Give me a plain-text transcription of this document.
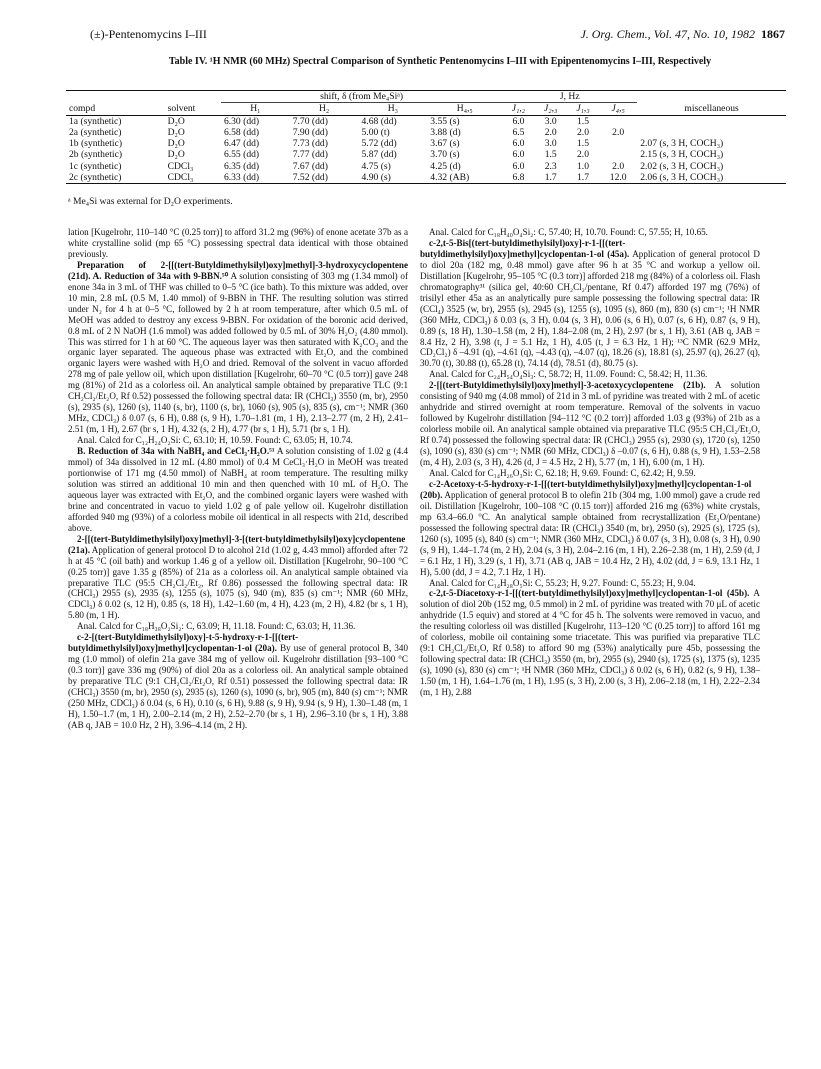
(±)-Pentenomycins I–III	J. Org. Chem., Vol. 47, No. 10, 1982 1867
Table IV. ¹H NMR (60 MHz) Spectral Comparison of Synthetic Pentenomycins I–III with Epipentenomycins I–III, Respectively
		shift, δ (from Me₄Siᵃ)				J, Hz				
compd	solvent	H₁	H₂	H₃	H₄,₅	J₁,₂	J₂,₃	J₁,₃	J₄,₅	miscellaneous
1a (synthetic)	D₂O	6.30 (dd)	7.70 (dd)	4.68 (dd)	3.55 (s)	6.0	3.0	1.5		
2a (synthetic)	D₂O	6.58 (dd)	7.90 (dd)	5.00 (t)	3.88 (d)	6.5	2.0	2.0	2.0	
1b (synthetic)	D₂O	6.47 (dd)	7.73 (dd)	5.72 (dd)	3.67 (s)	6.0	3.0	1.5		2.07 (s, 3 H, COCH₃)
2b (synthetic)	D₂O	6.55 (dd)	7.77 (dd)	5.87 (dd)	3.70 (s)	6.0	1.5	2.0		2.15 (s, 3 H, COCH₃)
1c (synthetic)	CDCl₃	6.35 (dd)	7.67 (dd)	4.75 (s)	4.25 (d)	6.0	2.3	1.0	2.0	2.02 (s, 3 H, COCH₃)
2c (synthetic)	CDCl₃	6.33 (dd)	7.52 (dd)	4.90 (s)	4.32 (AB)	6.8	1.7	1.7	12.0	2.06 (s, 3 H, COCH₃)
ᵃ Me₄Si was external for D₂O experiments.

lation [Kugelrohr, 110–140 °C (0.25 torr)] to afford 31.2 mg (96%) of enone acetate 37b as a white crystalline solid (mp 65 °C) possessing spectral data identical with those obtained previously.

Preparation of 2-[[(tert-Butyldimethylsilyl)oxy]methyl]-3-hydroxycyclopentene (21d). A. Reduction of 34a with 9-BBN.⁵⁰ A solution consisting of 303 mg (1.34 mmol) of enone 34a in 3 mL of THF was chilled to 0–5 °C (ice bath). To this mixture was added, over 10 min, 2.8 mL (0.5 M, 1.40 mmol) of 9-BBN in THF. The resulting solution was stirred under N₂ for 4 h at 0–5 °C, followed by 2 h at room temperature, after which 0.5 mL of MeOH was added to destroy any excess 9-BBN. For oxidation of the boronic acid derived, 0.8 mL of 2 N NaOH (1.6 mmol) was added followed by 0.5 mL of 30% H₂O₂ (4.80 mmol). This was stirred for 1 h at 60 °C. The aqueous layer was then saturated with K₂CO₃ and the organic layer separated. The aqueous phase was extracted with Et₂O, and the combined organic layers were washed with H₂O and dried. Removal of the solvent in vacuo afforded 278 mg of pale yellow oil, which upon distillation [Kugelrohr, 60–70 °C (0.5 torr)] gave 248 mg (81%) of 21d as a colorless oil. An analytical sample obtained by preparative TLC (9:1 CH₂Cl₂/Et₂O, Rf 0.52) possessed the following spectral data: IR (CHCl₃) 3550 (m, br), 2950 (s), 2935 (s), 1260 (s), 1140 (s, br), 1100 (s, br), 1060 (s), 905 (s), 835 (s), cm⁻¹; NMR (360 MHz, CDCl₃) δ 0.07 (s, 6 H), 0.88 (s, 9 H), 1.70–1.81 (m, 1 H), 2.13–2.77 (m, 2 H), 2.41–2.51 (m, 1 H), 2.67 (br s, 1 H), 4.32 (s, 2 H), 4.77 (br s, 1 H), 5.71 (br s, 1 H).

Anal. Calcd for C₁₂H₂₄O₂Si: C, 63.10; H, 10.59. Found: C, 63.05; H, 10.74.

B. Reduction of 34a with NaBH₄ and CeCl₃·H₂O.⁵¹ A solution consisting of 1.02 g (4.4 mmol) of 34a dissolved in 12 mL (4.80 mmol) of 0.4 M CeCl₃·H₂O in MeOH was treated portionwise of 171 mg (4.50 mmol) of NaBH₄ at room temperature. The resulting milky solution was stirred an additional 10 min and then quenched with 10 mL of H₂O. The aqueous layer was extracted with Et₂O, and the combined organic layers were washed with brine and concentrated in vacuo to yield 1.02 g of pale yellow oil. Kugelrohr distillation afforded 940 mg (93%) of a colorless mobile oil identical in all respects with 21d, described above.

2-[[(tert-Butyldimethylsilyl)oxy]methyl]-3-[(tert-butyldimethylsilyl)oxy]cyclopentene (21a). Application of general protocol D to alcohol 21d (1.02 g, 4.43 mmol) afforded after 72 h at 45 °C (oil bath) and workup 1.46 g of a yellow oil. Distillation [Kugelrohr, 90–100 °C (0.25 torr)] gave 1.35 g (85%) of 21a as a colorless oil. An analytical sample obtained via preparative TLC (95:5 CH₂Cl₂/Et₂, Rf 0.86) possessed the following spectral data: IR (CHCl₃) 2955 (s), 2935 (s), 1255 (s), 1075 (s), 940 (m), 835 (s) cm⁻¹; NMR (60 MHz, CDCl₃) δ 0.02 (s, 12 H), 0.85 (s, 18 H), 1.42–1.60 (m, 4 H), 4.23 (m, 2 H), 4.82 (br s, 1 H), 5.80 (m, 1 H).

Anal. Calcd for C₁₈H₃₈O₂Si₂: C, 63.09; H, 11.18. Found: C, 63.03; H, 11.36.

c-2-[(tert-Butyldimethylsilyl)oxy]-t-5-hydroxy-r-1-[[(tert-butyldimethylsilyl)oxy]methyl]cyclopentan-1-ol (20a). By use of general protocol B, 340 mg (1.0 mmol) of olefin 21a gave 384 mg of yellow oil. Kugelrohr distillation [93–100 °C (0.3 torr)] gave 336 mg (90%) of diol 20a as a colorless oil. An analytical sample obtained by preparative TLC (9:1 CH₂Cl₂/Et₂O, Rf 0.51) possessed the following spectral data: IR (CHCl₃) 3550 (m, br), 2950 (s), 2935 (s), 1260 (s), 1090 (s, br), 905 (m), 840 (s) cm⁻¹; NMR (250 MHz, CDCl₃) δ 0.04 (s, 6 H), 0.10 (s, 6 H), 9.88 (s, 9 H), 9.94 (s, 9 H), 1.30–1.48 (m, 1 H), 1.50–1.7 (m, 1 H), 2.00–2.14 (m, 2 H), 2.52–2.70 (br s, 1 H), 2.96–3.10 (br s, 1 H), 3.88 (AB q, JAB = 10.0 Hz, 2 H), 3.96–4.14 (m, 2 H).

Anal. Calcd for C₁₈H₄₀O₄Si₂: C, 57.40; H, 10.70. Found: C, 57.55; H, 10.65.

c-2,t-5-Bis[(tert-butyldimethylsilyl)oxy]-r-1-[[(tert-butyldimethylsilyl)oxy]methyl]cyclopentan-1-ol (45a). Application of general protocol D to diol 20a (182 mg, 0.48 mmol) gave after 96 h at 35 °C and workup a yellow oil. Distillation [Kugelrohr, 95–105 °C (0.3 torr)] afforded 218 mg (84%) of a colorless oil. Flash chromatography³¹ (silica gel, 40:60 CH₂Cl₂/pentane, Rf 0.47) afforded 197 mg (76%) of trisilyl ether 45a as an analytically pure sample possessing the following spectral data: IR (CCl₄) 3525 (w, br), 2955 (s), 2945 (s), 1255 (s), 1095 (s), 860 (m), 830 (s) cm⁻¹; ¹H NMR (360 MHz, CDCl₃) δ 0.03 (s, 3 H), 0.04 (s, 3 H), 0.06 (s, 6 H), 0.07 (s, 6 H), 0.87 (s, 9 H), 0.89 (s, 18 H), 1.30–1.58 (m, 2 H), 1.84–2.08 (m, 2 H), 2.97 (br s, 1 H), 3.61 (AB q, JAB = 8.4 Hz, 2 H), 3.98 (t, J = 5.1 Hz, 1 H), 4.05 (t, J = 6.3 Hz, 1 H); ¹³C NMR (62.9 MHz, CD₂Cl₂) δ –4.91 (q), –4.61 (q), –4.43 (q), –4.07 (q), 18.26 (s), 18.81 (s), 25.97 (q), 26.27 (q), 30.70 (t), 30.88 (t), 65.28 (t), 74.14 (d), 78.51 (d), 80.75 (s).

Anal. Calcd for C₂₄H₅₄O₄Si₃: C, 58.72; H, 11.09. Found: C, 58.42; H, 11.36.

2-[[(tert-Butyldimethylsilyl)oxy]methyl]-3-acetoxycyclopentene (21b). A solution consisting of 940 mg (4.08 mmol) of 21d in 3 mL of pyridine was treated with 2 mL of acetic anhydride and stirred overnight at room temperature. Removal of the solvents in vacuo followed by Kugelrohr distillation [94–112 °C (0.2 torr)] afforded 1.03 g (93%) of 21b as a colorless mobile oil. An analytical sample obtained via preparative TLC (95:5 CH₂Cl₂/Et₂O, Rf 0.74) possessed the following spectral data: IR (CHCl₃) 2955 (s), 2930 (s), 1720 (s), 1250 (s), 1090 (s), 830 (s) cm⁻¹; NMR (60 MHz, CDCl₃) δ –0.07 (s, 6 H), 0.88 (s, 9 H), 1.53–2.58 (m, 4 H), 2.03 (s, 3 H), 4.26 (d, J = 4.5 Hz, 2 H), 5.77 (m, 1 H), 6.00 (m, 1 H).

Anal. Calcd for C₁₄H₂₆O₃Si: C, 62.18; H, 9.69. Found: C, 62.42; H, 9.59.

c-2-Acetoxy-t-5-hydroxy-r-1-[[(tert-butyldimethylsilyl)oxy]methyl]cyclopentan-1-ol (20b). Application of general protocol B to olefin 21b (304 mg, 1.00 mmol) gave a crude red oil. Distillation [Kugelrohr, 100–108 °C (0.15 torr)] afforded 216 mg (63%) white crystals, mp 63.4–66.0 °C. An analytical sample obtained from recrystallization (Et₂O/pentane) possessed the following spectral data: IR (CHCl₃) 3540 (m, br), 2950 (s), 2925 (s), 1725 (s), 1260 (s), 1095 (s), 840 (s) cm⁻¹; NMR (360 MHz, CDCl₃) δ 0.07 (s, 3 H), 0.08 (s, 3 H), 0.90 (s, 9 H), 1.44–1.74 (m, 2 H), 2.04 (s, 3 H), 2.04–2.16 (m, 1 H), 2.26–2.38 (m, 1 H), 2.59 (d, J = 6.1 Hz, 1 H), 3.29 (s, 1 H), 3.71 (AB q, JAB = 10.4 Hz, 2 H), 4.02 (dd, J = 6.9, 13.1 Hz, 1 H), 5.00 (dd, J = 4.2, 7.1 Hz, 1 H).

Anal. Calcd for C₁₄H₂₈O₅Si: C, 55.23; H, 9.27. Found: C, 55.23; H, 9.04.

c-2,t-5-Diacetoxy-r-1-[[(tert-butyldimethylsilyl)oxy]methyl]cyclopentan-1-ol (45b). A solution of diol 20b (152 mg, 0.5 mmol) in 2 mL of pyridine was treated with 70 μL of acetic anhydride (1.5 equiv) and stored at 4 °C for 45 h. The solvents were removed in vacuo, and the resulting colorless oil was distilled [Kugelrohr, 113–120 °C (0.25 torr)] to afford 161 mg of colorless, mobile oil containing some triacetate. This was purified via preparative TLC (9:1 CH₂Cl₂/Et₂O, Rf 0.58) to afford 90 mg (53%) analytically pure 45b, possessing the following spectral data: IR (CHCl₃) 3550 (m, br), 2955 (s), 2940 (s), 1725 (s), 1375 (s), 1235 (s), 1090 (s), 830 (s) cm⁻¹; ¹H NMR (360 MHz, CDCl₃) δ 0.02 (s, 6 H), 0.82 (s, 9 H), 1.38–1.50 (m, 1 H), 1.64–1.76 (m, 1 H), 1.95 (s, 3 H), 2.00 (s, 3 H), 2.06–2.18 (m, 1 H), 2.22–2.34 (m, 1 H), 2.88
